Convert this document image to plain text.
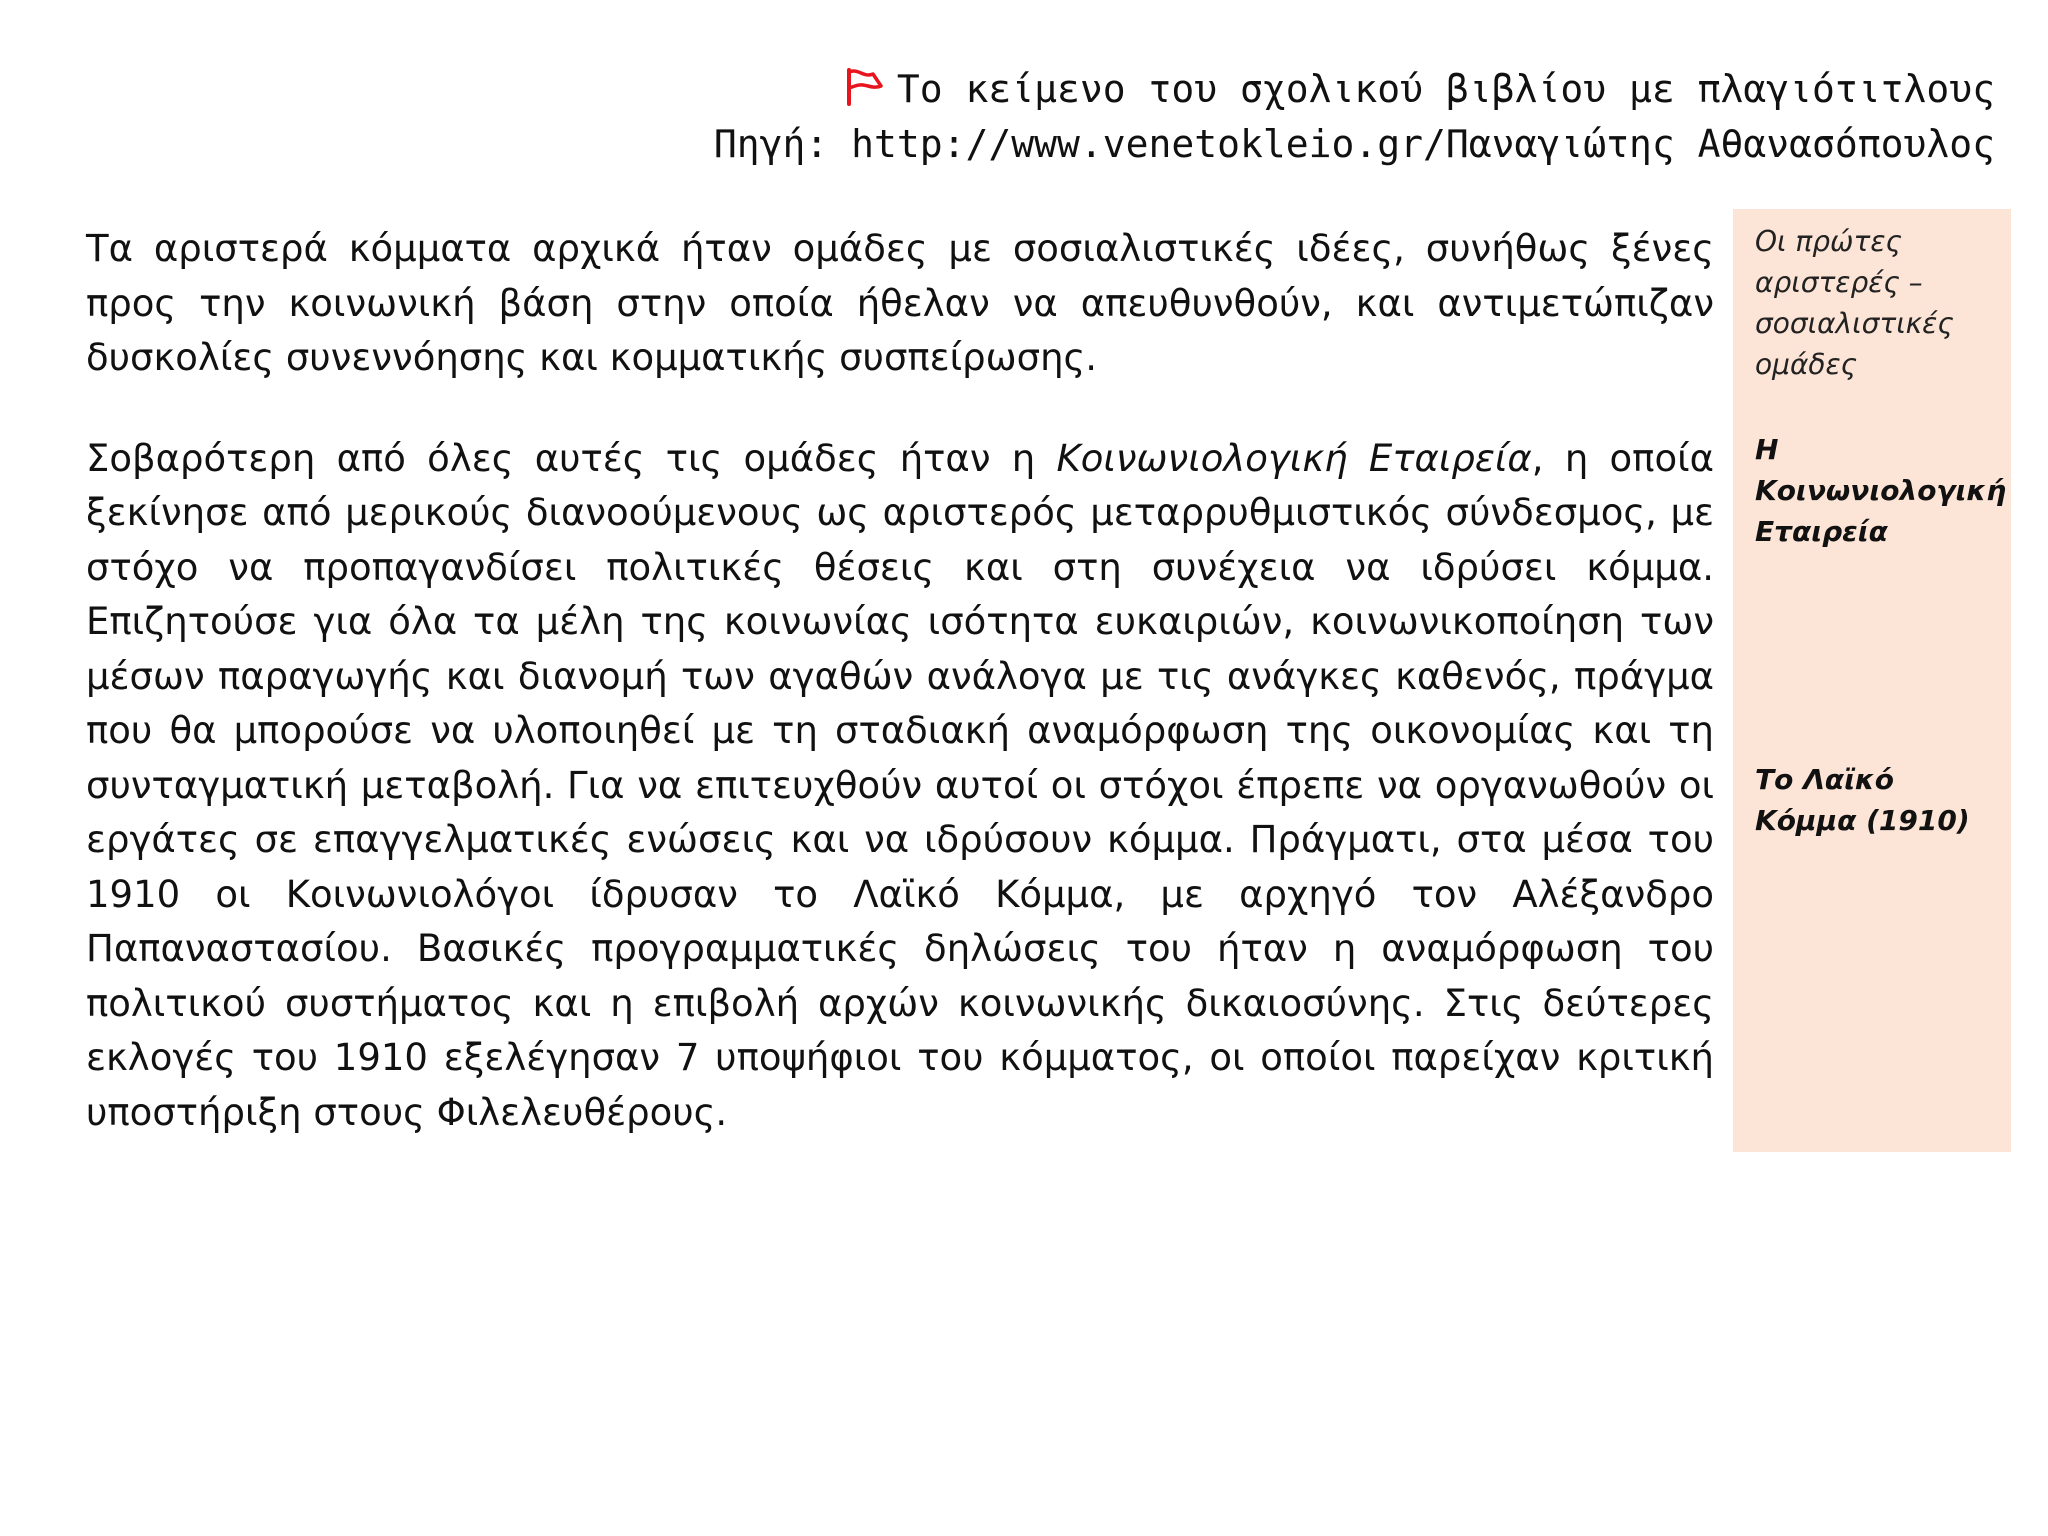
Το κείμενο του σχολικού βιβλίου με πλαγιότιτλους
Πηγή: http://www.venetokleio.gr/Παναγιώτης Αθανασόπουλος

Τα αριστερά κόμματα αρχικά ήταν ομάδες με σοσιαλιστικές ιδέες, συνήθως ξένες προς την κοινωνική βάση στην οποία ήθελαν να απευθυνθούν, και αντιμετώπιζαν δυσκολίες συνεννόησης και κομματικής συσπείρωσης.

Σοβαρότερη από όλες αυτές τις ομάδες ήταν η Κοινωνιολογική Εταιρεία, η οποία ξεκίνησε από μερικούς διανοούμενους ως αριστερός μεταρρυθμιστικός σύνδεσμος, με στόχο να προπαγανδίσει πολιτικές θέσεις και στη συνέχεια να ιδρύσει κόμμα. Επιζητούσε για όλα τα μέλη της κοινωνίας ισότητα ευκαιριών, κοινωνικοποίηση των μέσων παραγωγής και διανομή των αγαθών ανάλογα με τις ανάγκες καθενός, πράγμα που θα μπορούσε να υλοποιηθεί με τη σταδιακή αναμόρφωση της οικονομίας και τη συνταγματική μεταβολή. Για να επιτευχθούν αυτοί οι στόχοι έπρεπε να οργανωθούν οι εργάτες σε επαγγελματικές ενώσεις και να ιδρύσουν κόμμα. Πράγματι, στα μέσα του 1910 οι Κοινωνιολόγοι ίδρυσαν το Λαϊκό Κόμμα, με αρχηγό τον Αλέξανδρο Παπαναστασίου. Βασικές προγραμματικές δηλώσεις του ήταν η αναμόρφωση του πολιτικού συστήματος και η επιβολή αρχών κοινωνικής δικαιοσύνης. Στις δεύτερες εκλογές του 1910 εξελέγησαν 7 υποψήφιοι του κόμματος, οι οποίοι παρείχαν κριτική υποστήριξη στους Φιλελευθέρους.

Οι πρώτες αριστερές – σοσιαλιστικές ομάδες

Η Κοινωνιολογική Εταιρεία

Το Λαϊκό Κόμμα (1910)
